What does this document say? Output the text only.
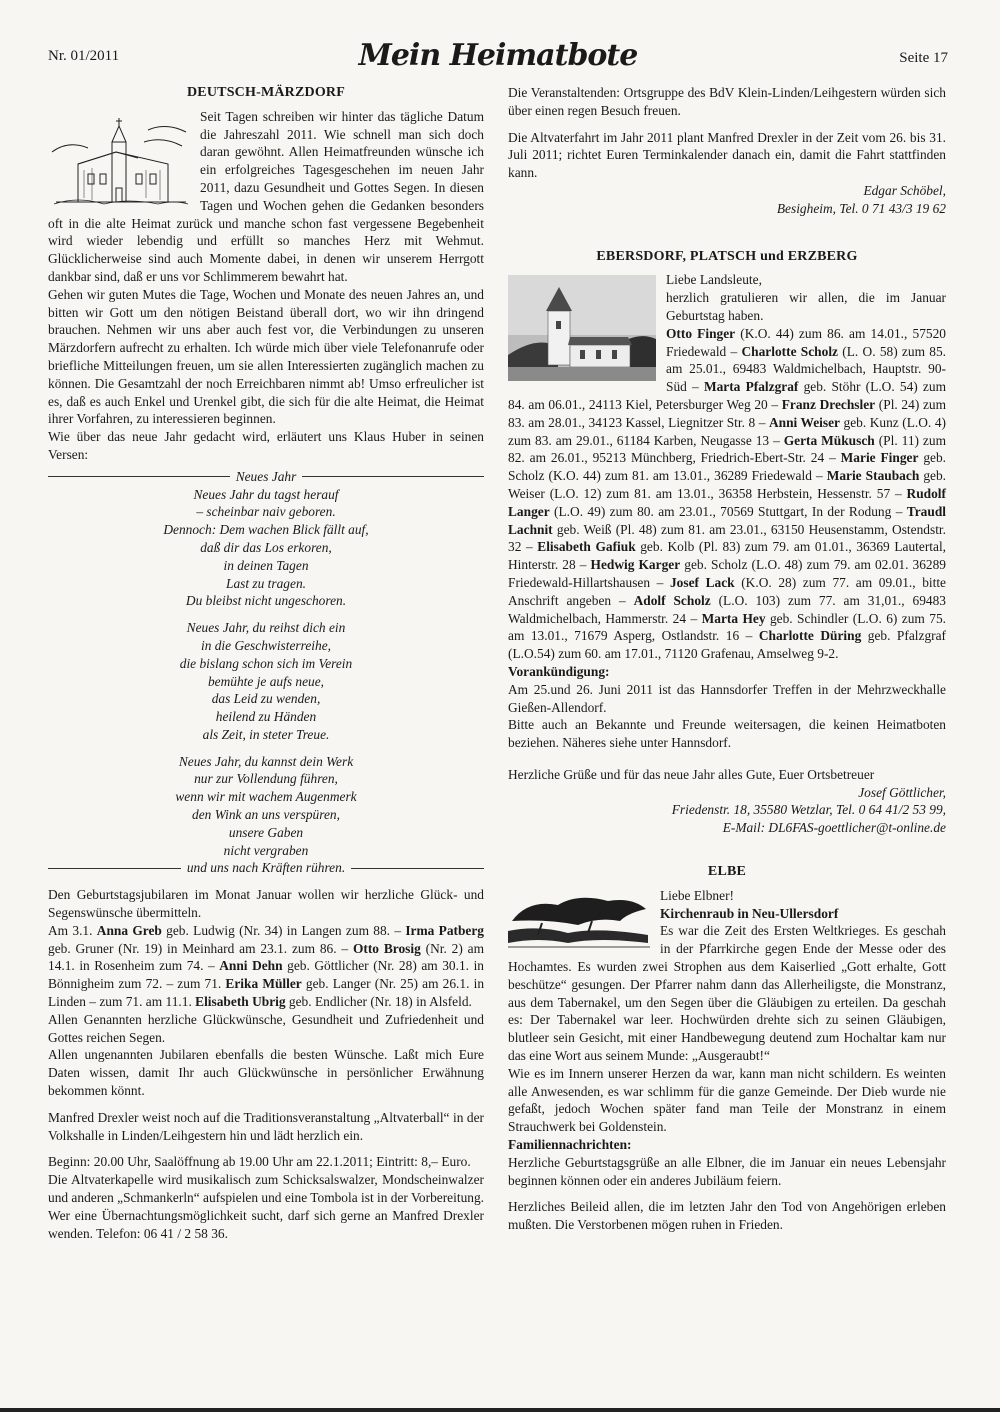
Nr. 01/2011	Mein Heimatbote	Seite 17
DEUTSCH-MÄRZDORF

Seit Tagen schreiben wir hinter das tägliche Datum die Jahreszahl 2011. Wie schnell man sich doch daran gewöhnt. Allen Heimatfreunden wünsche ich ein erfolgreiches Tagesgeschehen im neuen Jahr 2011, dazu Gesundheit und Gottes Segen. In diesen Tagen und Wochen gehen die Gedanken besonders oft in die alte Heimat zurück und manche schon fast vergessene Begebenheit wird wieder lebendig und erfüllt so manches Herz mit Wehmut. Glücklicherweise sind auch Momente dabei, in denen wir unserem Herrgott dankbar sind, daß er uns vor Schlimmerem bewahrt hat.

Gehen wir guten Mutes die Tage, Wochen und Monate des neuen Jahres an, und bitten wir Gott um den nötigen Beistand überall dort, wo wir ihn dringend brauchen. Nehmen wir uns aber auch fest vor, die Verbindungen zu unseren Märzdorfern aufrecht zu erhalten. Ich würde mich über viele Telefonanrufe oder briefliche Mitteilungen freuen, um sie allen Interessierten zugänglich machen zu können. Die Gesamtzahl der noch Erreichbaren nimmt ab! Umso erfreulicher ist es, daß es auch Enkel und Urenkel gibt, die sich für die alte Heimat, die Heimat ihrer Vorfahren, zu interessieren beginnen.

Wie über das neue Jahr gedacht wird, erläutert uns Klaus Huber in seinen Versen:

Neues Jahr
Neues Jahr du tagst herauf
– scheinbar naiv geboren.
Dennoch: Dem wachen Blick fällt auf,
daß dir das Los erkoren,
in deinen Tagen
Last zu tragen.
Du bleibst nicht ungeschoren.
Neues Jahr, du reihst dich ein
in die Geschwisterreihe,
die bislang schon sich im Verein
bemühte je aufs neue,
das Leid zu wenden,
heilend zu Händen
als Zeit, in steter Treue.
Neues Jahr, du kannst dein Werk
nur zur Vollendung führen,
wenn wir mit wachem Augenmerk
den Wink an uns verspüren,
unsere Gaben
nicht vergraben
und uns nach Kräften rühren.

Den Geburtstagsjubilaren im Monat Januar wollen wir herzliche Glück- und Segenswünsche übermitteln.

Am 3.1. Anna Greb geb. Ludwig (Nr. 34) in Langen zum 88. – Irma Patberg geb. Gruner (Nr. 19) in Meinhard am 23.1. zum 86. – Otto Brosig (Nr. 2) am 14.1. in Rosenheim zum 74. – Anni Dehn geb. Göttlicher (Nr. 28) am 30.1. in Bönnigheim zum 72. – zum 71. Erika Müller geb. Langer (Nr. 25) am 26.1. in Linden – zum 71. am 11.1. Elisabeth Ubrig geb. Endlicher (Nr. 18) in Alsfeld.

Allen Genannten herzliche Glückwünsche, Gesundheit und Zufriedenheit und Gottes reichen Segen.

Allen ungenannten Jubilaren ebenfalls die besten Wünsche. Laßt mich Eure Daten wissen, damit Ihr auch Glückwünsche in persönlicher Erwähnung bekommen könnt.

Manfred Drexler weist noch auf die Traditionsveranstaltung „Altvaterball“ in der Volkshalle in Linden/Leihgestern hin und lädt herzlich ein.

Beginn: 20.00 Uhr, Saalöffnung ab 19.00 Uhr am 22.1.2011; Eintritt: 8,– Euro.

Die Altvaterkapelle wird musikalisch zum Schicksalswalzer, Mondscheinwalzer und anderen „Schmankerln“ aufspielen und eine Tombola ist in der Vorbereitung.

Wer eine Übernachtungsmöglichkeit sucht, darf sich gerne an Manfred Drexler wenden. Telefon: 06 41 / 2 58 36.

Die Veranstaltenden: Ortsgruppe des BdV Klein-Linden/Leihgestern würden sich über einen regen Besuch freuen.

Die Altvaterfahrt im Jahr 2011 plant Manfred Drexler in der Zeit vom 26. bis 31. Juli 2011; richtet Euren Terminkalender danach ein, damit die Fahrt stattfinden kann.

Edgar Schöbel,

Besigheim, Tel. 0 71 43/3 19 62

EBERSDORF, PLATSCH und ERZBERG

Liebe Landsleute,

herzlich gratulieren wir allen, die im Januar Geburtstag haben.

Otto Finger (K.O. 44) zum 86. am 14.01., 57520 Friedewald – Charlotte Scholz (L. O. 58) zum 85. am 25.01., 69483 Waldmichelbach, Hauptstr. 90-Süd – Marta Pfalzgraf geb. Stöhr (L.O. 54) zum 84. am 06.01., 24113 Kiel, Petersburger Weg 20 – Franz Drechsler (Pl. 24) zum 83. am 28.01., 34123 Kassel, Liegnitzer Str. 8 – Anni Weiser geb. Kunz (L.O. 4) zum 83. am 29.01., 61184 Karben, Neugasse 13 – Gerta Mükusch (Pl. 11) zum 82. am 26.01., 95213 Münchberg, Friedrich-Ebert-Str. 24 – Marie Finger geb. Scholz (K.O. 44) zum 81. am 13.01., 36289 Friedewald – Marie Staubach geb. Weiser (L.O. 12) zum 81. am 13.01., 36358 Herbstein, Hessenstr. 57 – Rudolf Langer (L.O. 49) zum 80. am 23.01., 70569 Stuttgart, In der Rodung – Traudl Lachnit geb. Weiß (Pl. 48) zum 81. am 23.01., 63150 Heusenstamm, Ostendstr. 32 – Elisabeth Gafiuk geb. Kolb (Pl. 83) zum 79. am 01.01., 36369 Lautertal, Hinterstr. 28 – Hedwig Karger geb. Scholz (L.O. 48) zum 79. am 02.01. 36289 Friedewald-Hillartshausen – Josef Lack (K.O. 28) zum 77. am 09.01., bitte Anschrift angeben – Adolf Scholz (L.O. 103) zum 77. am 31,01., 69483 Waldmichelbach, Hammerstr. 24 – Marta Hey geb. Schindler (L.O. 6) zum 75. am 13.01., 71679 Asperg, Ostlandstr. 16 – Charlotte Düring geb. Pfalzgraf (L.O.54) zum 60. am 17.01., 71120 Grafenau, Amselweg 9-2.

Vorankündigung:

Am 25.und 26. Juni 2011 ist das Hannsdorfer Treffen in der Mehrzweckhalle Gießen-Allendorf.

Bitte auch an Bekannte und Freunde weitersagen, die keinen Heimatboten beziehen. Näheres siehe unter Hannsdorf.

Herzliche Grüße und für das neue Jahr alles Gute, Euer Ortsbetreuer

Josef Göttlicher,

Friedenstr. 18, 35580 Wetzlar, Tel. 0 64 41/2 53 99,

E-Mail: DL6FAS-goettlicher@t-online.de

ELBE

Liebe Elbner!

Kirchenraub in Neu-Ullersdorf

Es war die Zeit des Ersten Weltkrieges. Es geschah in der Pfarrkirche gegen Ende der Messe oder des Hochamtes. Es wurden zwei Strophen aus dem Kaiserlied „Gott erhalte, Gott beschütze“ gesungen. Der Pfarrer nahm dann das Allerheiligste, die Monstranz, aus dem Tabernakel, um den Segen über die Gläubigen zu erteilen. Da geschah es: Der Tabernakel war leer. Hochwürden drehte sich zu seinen Gläubigen, blutleer sein Gesicht, mit einer Handbewegung deutend zum Hochaltar kam nur das eine Wort aus seinem Munde: „Ausgeraubt!“

Wie es im Innern unserer Herzen da war, kann man nicht schildern. Es weinten alle Anwesenden, es war schlimm für die ganze Gemeinde. Der Dieb wurde nie gefaßt, jedoch Wochen später fand man Teile der Monstranz in einem Strauchwerk bei Goldenstein.

Familiennachrichten:

Herzliche Geburtstagsgrüße an alle Elbner, die im Januar ein neues Lebensjahr beginnen können oder ein anderes Jubiläum feiern.

Herzliches Beileid allen, die im letzten Jahr den Tod von Angehörigen erleben mußten. Die Verstorbenen mögen ruhen in Frieden.
